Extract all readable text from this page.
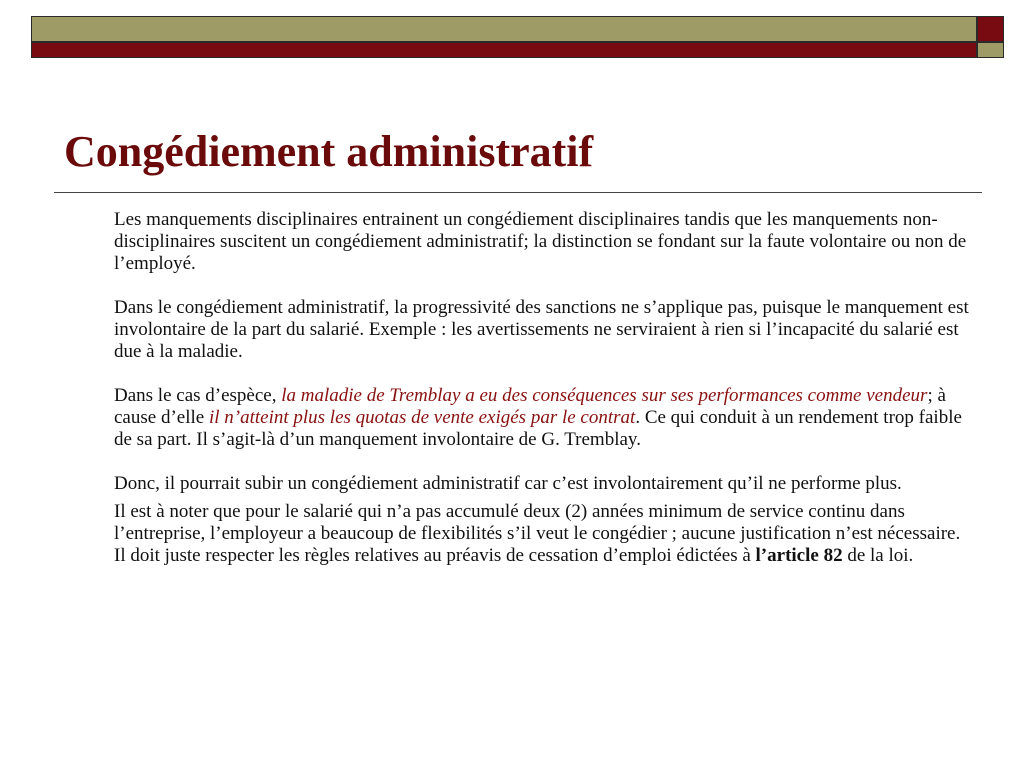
Congédiement administratif

Les manquements disciplinaires entrainent un congédiement disciplinaires tandis que les manquements non-disciplinaires suscitent un congédiement administratif; la distinction se fondant sur la faute volontaire ou non de l’employé.

Dans le congédiement administratif, la progressivité des sanctions ne s’applique pas, puisque le manquement est involontaire de la part du salarié. Exemple : les avertissements ne serviraient à rien si l’incapacité du salarié est due à la maladie.

Dans le cas d’espèce, la maladie de Tremblay a eu des conséquences sur ses performances comme vendeur; à cause d’elle il n’atteint plus les quotas de vente exigés par le contrat. Ce qui conduit à un rendement trop faible de sa part. Il s’agit-là d’un manquement involontaire de G. Tremblay.

Donc, il pourrait subir un congédiement administratif car c’est involontairement qu’il ne performe plus.

Il est à noter que pour le salarié qui n’a pas accumulé deux (2) années minimum de service continu dans l’entreprise, l’employeur a beaucoup de flexibilités s’il veut le congédier ; aucune justification n’est nécessaire. Il doit juste respecter les règles relatives au préavis de cessation d’emploi édictées à l’article 82 de la loi.
